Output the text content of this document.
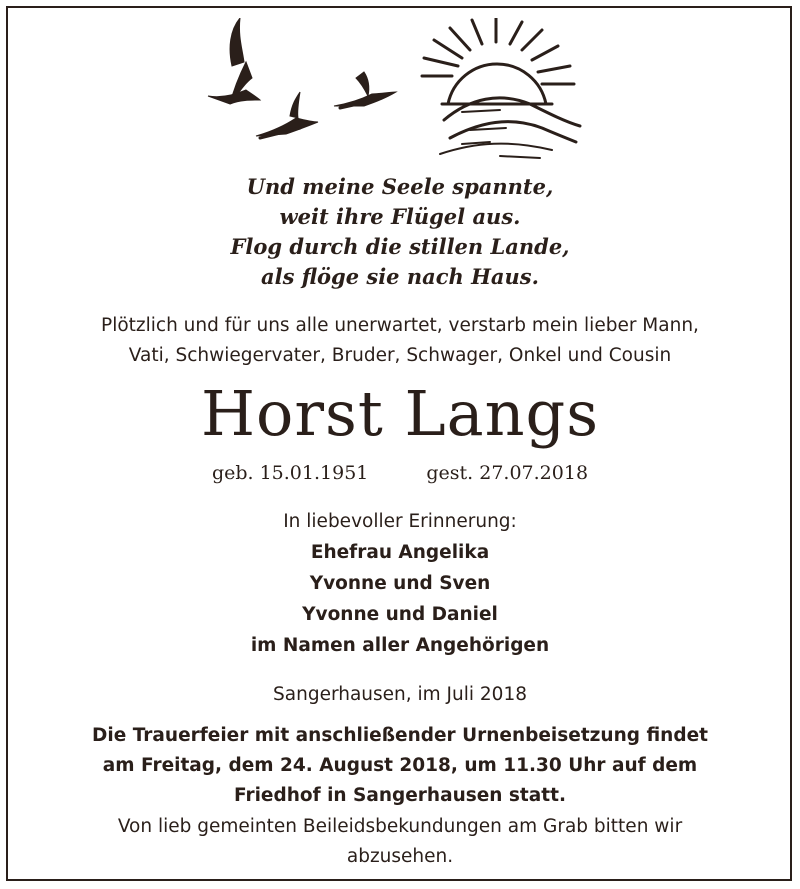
Und meine Seele spannte,
weit ihre Flügel aus.
Flog durch die stillen Lande,
als flöge sie nach Haus.
Plötzlich und für uns alle unerwartet, verstarb mein lieber Mann,
Vati, Schwiegervater, Bruder, Schwager, Onkel und Cousin
Horst Langs
geb. 15.01.1951	gest. 27.07.2018
In liebevoller Erinnerung:
Ehefrau Angelika
Yvonne und Sven
Yvonne und Daniel
im Namen aller Angehörigen
Sangerhausen, im Juli 2018
Die Trauerfeier mit anschließender Urnenbeisetzung findet
am Freitag, dem 24. August 2018, um 11.30 Uhr auf dem
Friedhof in Sangerhausen statt.
Von lieb gemeinten Beileidsbekundungen am Grab bitten wir
abzusehen.
